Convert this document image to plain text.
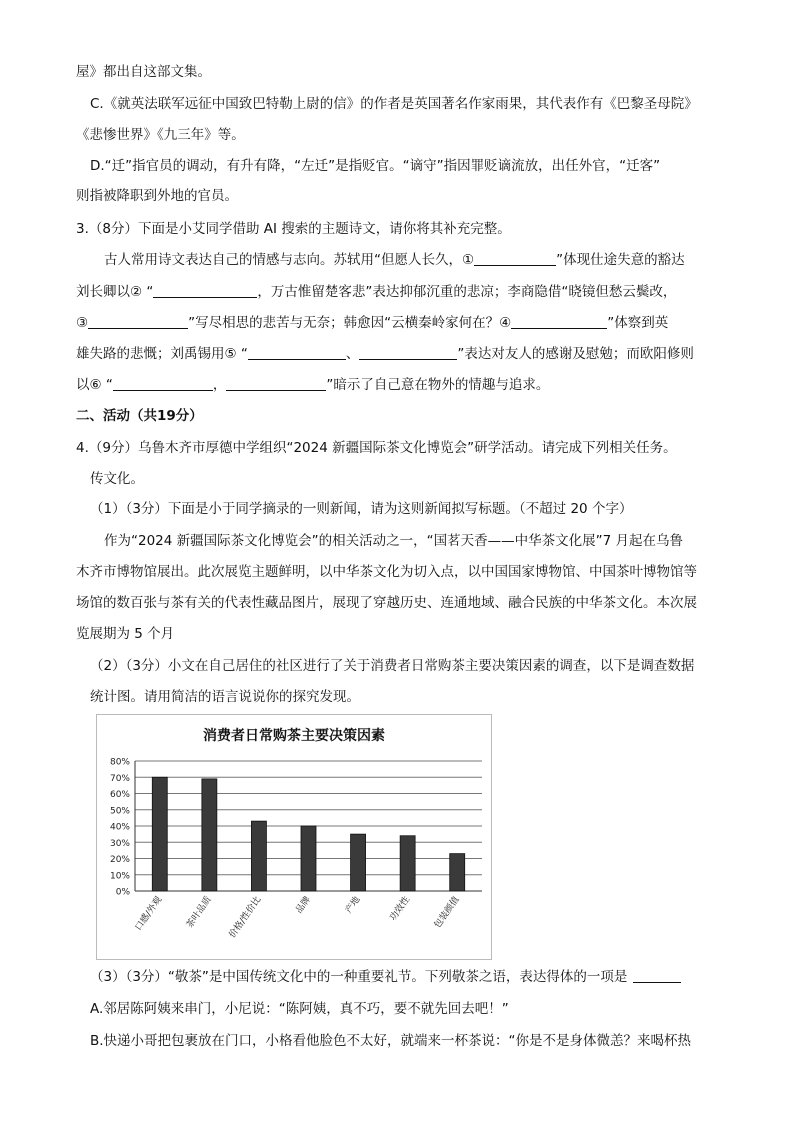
屋》都出自这部文集。
C.《就英法联军远征中国致巴特勒上尉的信》的作者是英国著名作家雨果，其代表作有《巴黎圣母院》
《悲惨世界》《九三年》等。
D.“迁”指官员的调动，有升有降，“左迁”是指贬官。“谪守”指因罪贬谪流放，出任外官，“迁客”
则指被降职到外地的官员。
3.（8分）下面是小艾同学借助 AI 搜索的主题诗文，请你将其补充完整。
古人常用诗文表达自己的情感与志向。苏轼用“但愿人长久，①	”体现仕途失意的豁达
刘长卿以② “	，万古惟留楚客悲”表达抑郁沉重的悲凉；李商隐借“晓镜但愁云鬓改，
③	”写尽相思的悲苦与无奈；韩愈因“云横秦岭家何在？④	”体察到英
雄失路的悲慨；刘禹锡用⑤ “	、	”表达对友人的感谢及慰勉；而欧阳修则
以⑥ “	，	”暗示了自己意在物外的情趣与追求。
二、活动（共19分）
4.（9分）乌鲁木齐市厚德中学组织“2024 新疆国际茶文化博览会”研学活动。请完成下列相关任务。
传文化。
（1）（3分）下面是小于同学摘录的一则新闻，请为这则新闻拟写标题。（不超过 20 个字）
作为“2024 新疆国际茶文化博览会”的相关活动之一，“国茗天香——中华茶文化展”7 月起在乌鲁
木齐市博物馆展出。此次展览主题鲜明，以中华茶文化为切入点，以中国国家博物馆、中国茶叶博物馆等
场馆的数百张与茶有关的代表性藏品图片，展现了穿越历史、连通地域、融合民族的中华茶文化。本次展
览展期为 5 个月
（2）（3分）小文在自己居住的社区进行了关于消费者日常购茶主要决策因素的调查，以下是调查数据
统计图。请用简洁的语言说说你的探究发现。
消费者日常购茶主要决策因素
0%
10%
20%
30%
40%
50%
60%
70%
80%
口感/外观 茶叶品质 价格/性价比	品牌	产地	功效性 包装颜值
（3）（3分）“敬茶”是中国传统文化中的一种重要礼节。下列敬茶之语，表达得体的一项是
A.邻居陈阿姨来串门，小尼说：“陈阿姨，真不巧，要不就先回去吧！”
B.快递小哥把包裹放在门口，小格看他脸色不太好，就端来一杯茶说：“你是不是身体微恙？来喝杯热
